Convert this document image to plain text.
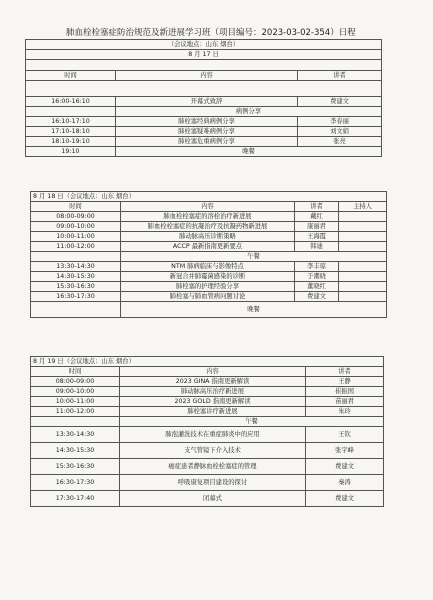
肺血栓栓塞症防治规范及新进展学习班（项目编号：2023-03-02-354）日程
（会议地点：山东 烟台）		
8 月 17 日		

时间	内容	讲者

16:00-16:10	开幕式致辞	费建文
	病例分享	
16:10-17:10	肺栓塞经典病例分享	李春丽
17:10-18:10	肺栓塞疑难病例分享	刘文娟
18:10-19:10	肺栓塞危重病例分享	张亮
19:10	晚餐	
8 月 18 日（会议地点：山东 烟台）			
时间	内容	讲者	主持人
08:00-09:00	肺血栓栓塞症的溶栓治疗新进展	戴红	
09:00-10:00	肺血栓栓塞症的抗凝治疗及抗凝药物新进展	康丽君	
10:00-11:00	肺动脉高压诊断策略	王海霞	
11:00-12:00	ACCP 最新指南更新要点	韩迪	
	午餐		
13:30-14:30	NTM 肺病临床与影像特点	李丰琼	
14:30-15:30	新冠合并肺霉菌感染的诊断	于潮晓	
15:30-16:30	肺栓塞的护理经验分享	董晓红	
16:30-17:30	肺栓塞与肺血管病问题讨论	费建文	
	晚餐		
8 月 19 日（会议地点：山东 烟台）		
时间	内容	讲者
08:00-09:00	2023 GINA 指南更新解读	王静
09:00-10:00	肺动脉高压治疗新进展	崔振国
10:00-11:00	2023 GOLD 指南更新解读	苗丽君
11:00-12:00	肺栓塞诊疗新进展	朱玲
	午餐	
13:30-14:30	肺泡灌洗技术在重症肺炎中的应用	王钦
14:30-15:30	支气管镜下介入技术	张宇峰
15:30-16:30	癌症患者静脉血栓栓塞症的管理	费建文
16:30-17:30	呼吸康复项目建设的探讨	秦涛
17:30-17:40	闭幕式	费建文
